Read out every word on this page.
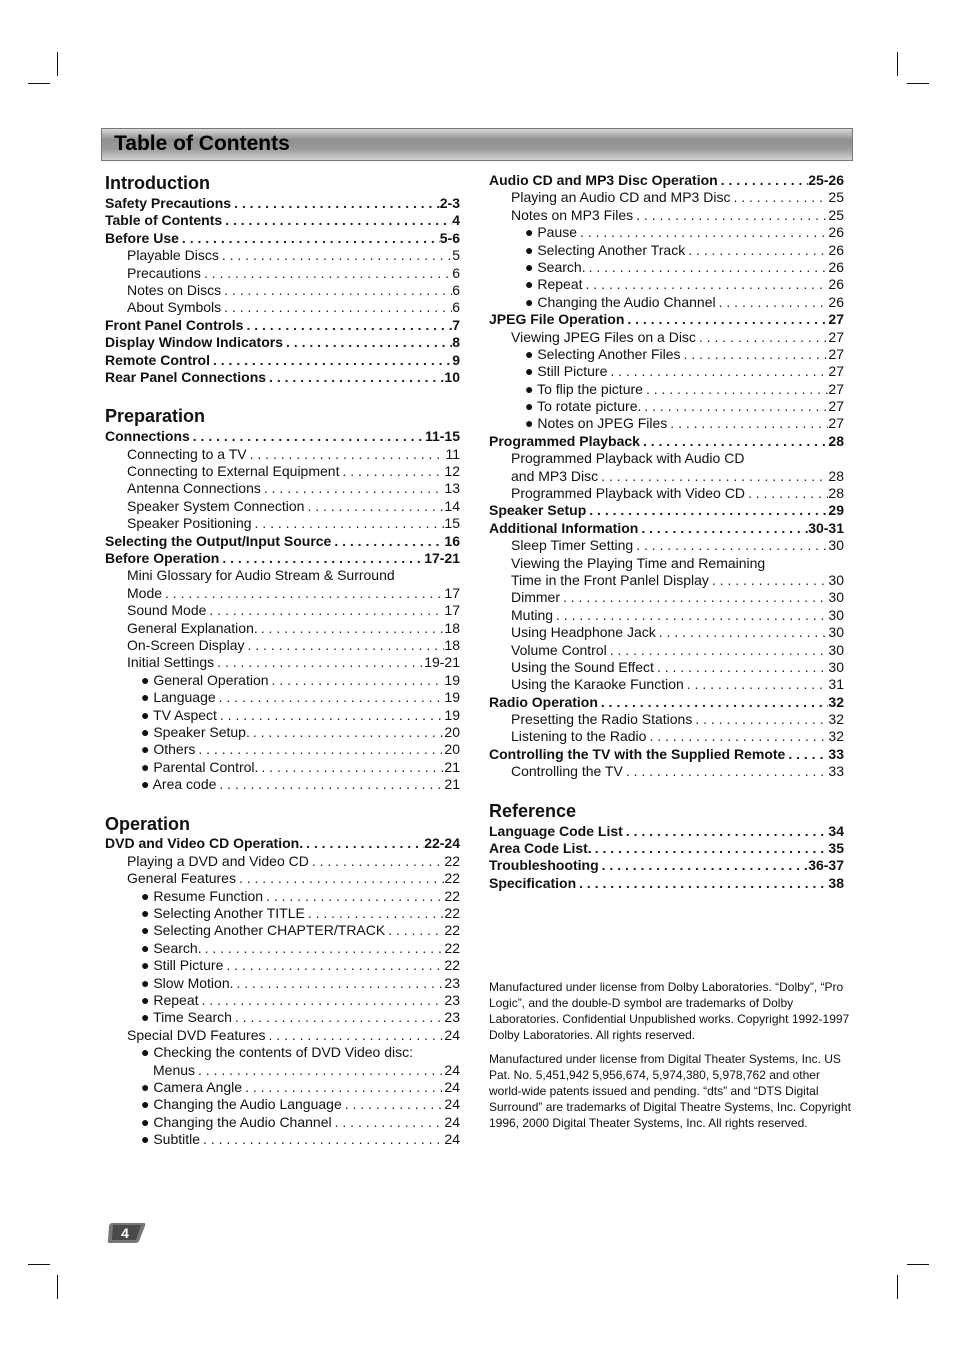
Table of Contents
Introduction
Safety Precautions . . .	2-3
Table of Contents . . .	4
Before Use . . .	5-6
Playable Discs . . .	5
Precautions . . .	6
Notes on Discs . . .	6
About Symbols . . .	6
Front Panel Controls . . .	7
Display Window Indicators . . .	8
Remote Control . . .	9
Rear Panel Connections . . .	10
Preparation
Connections . . .	11-15
Connecting to a TV . . .	11
Connecting to External Equipment . . .	12
Antenna Connections . . .	13
Speaker System Connection . . .	14
Speaker Positioning . . .	15
Selecting the Output/Input Source . . .	16
Before Operation . . .	17-21
Mini Glossary for Audio Stream & Surround
Mode . . .	17
Sound Mode . . .	17
General Explanation. . . .	18
On-Screen Display . . .	18
Initial Settings . . .	19-21
● General Operation . . .	19
● Language . . .	19
● TV Aspect . . .	19
● Speaker Setup. . . .	20
● Others . . .	20
● Parental Control. . . .	21
● Area code . . .	21
Operation
DVD and Video CD Operation. . . .	22-24
Playing a DVD and Video CD . . .	22
General Features . . .	22
● Resume Function . . .	22
● Selecting Another TITLE . . .	22
● Selecting Another CHAPTER/TRACK . . .	22
● Search. . . .	22
● Still Picture . . .	22
● Slow Motion. . . .	23
● Repeat . . .	23
● Time Search . . .	23
Special DVD Features . . .	24
● Checking the contents of DVD Video disc:
Menus . . .	24
● Camera Angle . . .	24
● Changing the Audio Language . . .	24
● Changing the Audio Channel . . .	24
● Subtitle . . .	24
Audio CD and MP3 Disc Operation . . .	25-26
Playing an Audio CD and MP3 Disc . . .	25
Notes on MP3 Files . . .	25
● Pause . . .	26
● Selecting Another Track . . .	26
● Search. . . .	26
● Repeat . . .	26
● Changing the Audio Channel . . .	26
JPEG File Operation . . .	27
Viewing JPEG Files on a Disc . . .	27
● Selecting Another Files . . .	27
● Still Picture . . .	27
● To flip the picture . . .	27
● To rotate picture. . . .	27
● Notes on JPEG Files . . .	27
Programmed Playback . . .	28
Programmed Playback with Audio CD
and MP3 Disc . . .	28
Programmed Playback with Video CD . . .	28
Speaker Setup . . .	29
Additional Information . . .	30-31
Sleep Timer Setting . . .	30
Viewing the Playing Time and Remaining
Time in the Front Panlel Display . . .	30
Dimmer . . .	30
Muting . . .	30
Using Headphone Jack . . .	30
Volume Control . . .	30
Using the Sound Effect . . .	30
Using the Karaoke Function . . .	31
Radio Operation . . .	32
Presetting the Radio Stations . . .	32
Listening to the Radio . . .	32
Controlling the TV with the Supplied Remote . . .	33
Controlling the TV . . .	33
Reference
Language Code List . . .	34
Area Code List. . . .	35
Troubleshooting . . .	36-37
Specification . . .	38

Manufactured under license from Dolby Laboratories. “Dolby”, “Pro Logic”, and the double-D symbol are trademarks of Dolby Laboratories. Confidential Unpublished works. Copyright 1992-1997 Dolby Laboratories. All rights reserved.

Manufactured under license from Digital Theater Systems, Inc. US Pat. No. 5,451,942 5,956,674, 5,974,380, 5,978,762 and other world-wide patents issued and pending. “dts” and “DTS Digital Surround” are trademarks of Digital Theatre Systems, Inc. Copyright 1996, 2000 Digital Theater Systems, Inc. All rights reserved.

4
